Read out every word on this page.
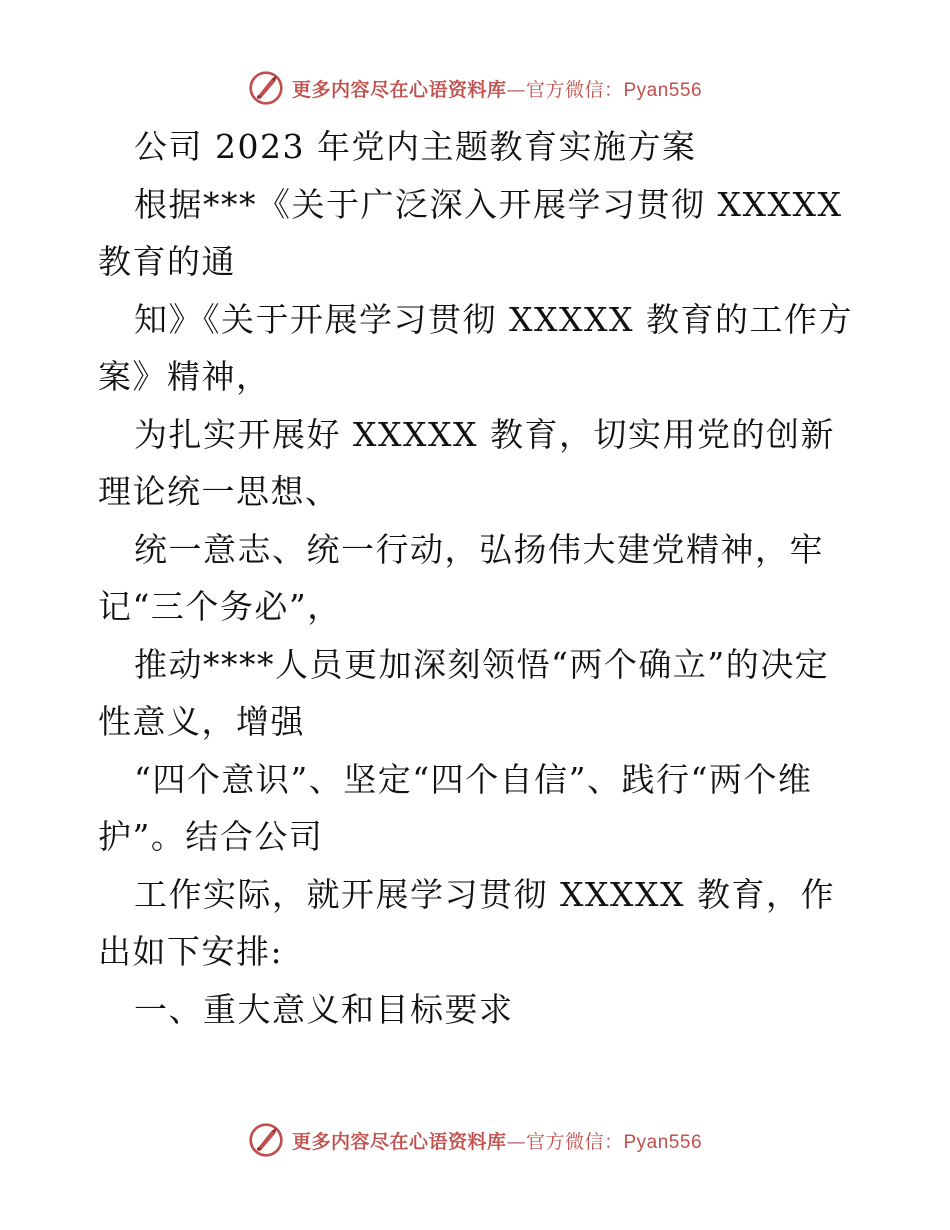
更多内容尽在心语资料库—官方微信：Pyan556

公司 2023 年党内主题教育实施方案

根据***《关于广泛深入开展学习贯彻 XXXXX 教育的通

知》《关于开展学习贯彻 XXXXX 教育的工作方案》精神，

为扎实开展好 XXXXX 教育，切实用党的创新理论统一思想、

统一意志、统一行动，弘扬伟大建党精神，牢记“三个务必”，

推动****人员更加深刻领悟“两个确立”的决定性意义，增强

“四个意识”、坚定“四个自信”、践行“两个维护”。结合公司

工作实际，就开展学习贯彻 XXXXX 教育，作出如下安排:

一、重大意义和目标要求

更多内容尽在心语资料库—官方微信：Pyan556
